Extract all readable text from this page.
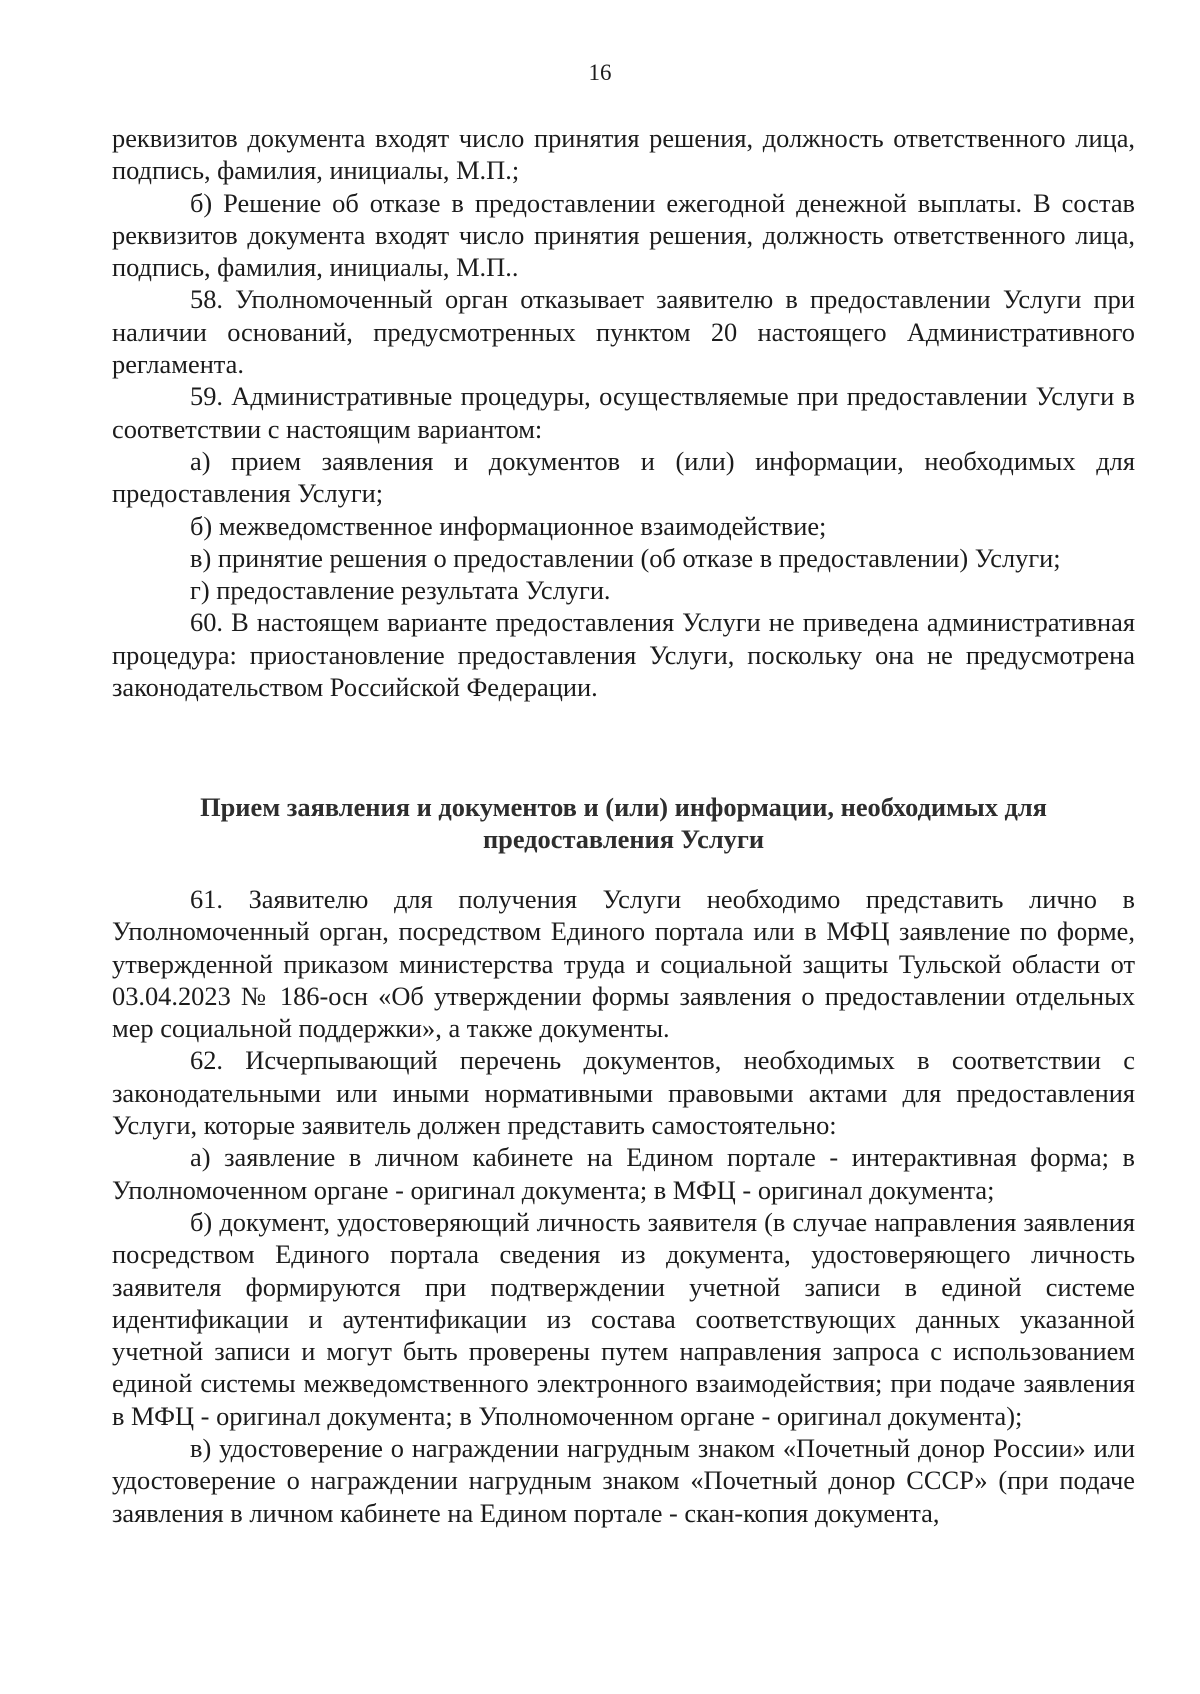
16

реквизитов документа входят число принятия решения, должность ответственного лица, подпись, фамилия, инициалы, М.П.;

б) Решение об отказе в предоставлении ежегодной денежной выплаты. В состав реквизитов документа входят число принятия решения, должность ответственного лица, подпись, фамилия, инициалы, М.П..

58. Уполномоченный орган отказывает заявителю в предоставлении Услуги при наличии оснований, предусмотренных пунктом 20 настоящего Административного регламента.

59. Административные процедуры, осуществляемые при предоставлении Услуги в соответствии с настоящим вариантом:

а) прием заявления и документов и (или) информации, необходимых для предоставления Услуги;

б) межведомственное информационное взаимодействие;

в) принятие решения о предоставлении (об отказе в предоставлении) Услуги;

г) предоставление результата Услуги.

60. В настоящем варианте предоставления Услуги не приведена административная процедура: приостановление предоставления Услуги, поскольку она не предусмотрена законодательством Российской Федерации.

Прием заявления и документов и (или) информации, необходимых для
предоставления Услуги

61. Заявителю для получения Услуги необходимо представить лично в Уполномоченный орган, посредством Единого портала или в МФЦ заявление по форме, утвержденной приказом министерства труда и социальной защиты Тульской области от 03.04.2023 № 186-осн «Об утверждении формы заявления о предоставлении отдельных мер социальной поддержки», а также документы.

62. Исчерпывающий перечень документов, необходимых в соответствии с законодательными или иными нормативными правовыми актами для предоставления Услуги, которые заявитель должен представить самостоятельно:

а) заявление в личном кабинете на Едином портале - интерактивная форма; в Уполномоченном органе - оригинал документа; в МФЦ - оригинал документа;

б) документ, удостоверяющий личность заявителя (в случае направления заявления посредством Единого портала сведения из документа, удостоверяющего личность заявителя формируются при подтверждении учетной записи в единой системе идентификации и аутентификации из состава соответствующих данных указанной учетной записи и могут быть проверены путем направления запроса с использованием единой системы межведомственного электронного взаимодействия; при подаче заявления в МФЦ - оригинал документа; в Уполномоченном органе - оригинал документа);

в) удостоверение о награждении нагрудным знаком «Почетный донор России» или удостоверение о награждении нагрудным знаком «Почетный донор СССР» (при подаче заявления в личном кабинете на Едином портале - скан-копия документа,
